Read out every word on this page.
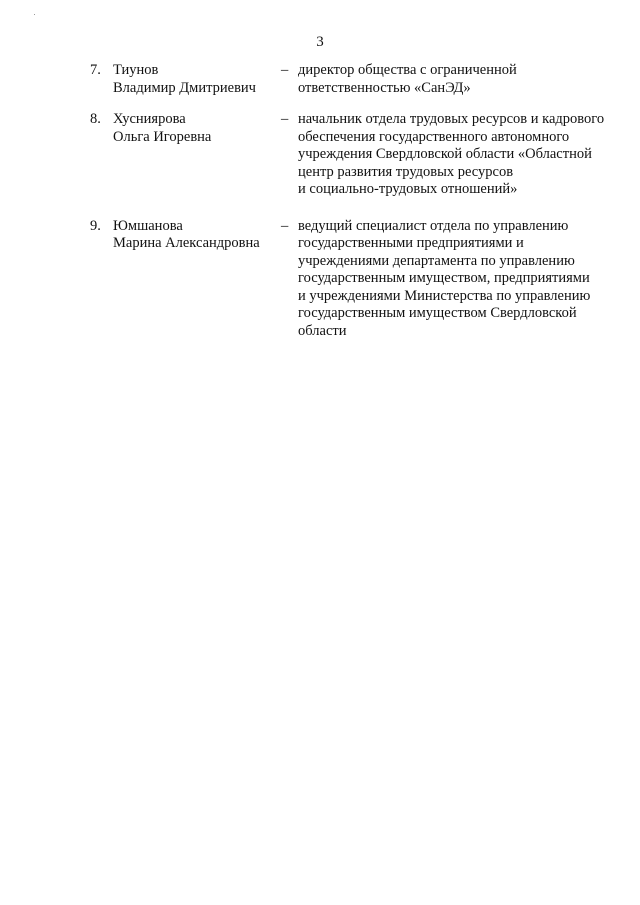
3
7. Тиунов
Владимир Дмитриевич
– директор общества с ограниченной
ответственностью «СанЭД»
8. Хусниярова
Ольга Игоревна
– начальник отдела трудовых ресурсов и кадрового
обеспечения государственного автономного
учреждения Свердловской области «Областной
центр развития трудовых ресурсов
и социально-трудовых отношений»
9. Юмшанова
Марина Александровна
– ведущий специалист отдела по управлению
государственными предприятиями и
учреждениями департамента по управлению
государственным имуществом, предприятиями
и учреждениями Министерства по управлению
государственным имуществом Свердловской
области
